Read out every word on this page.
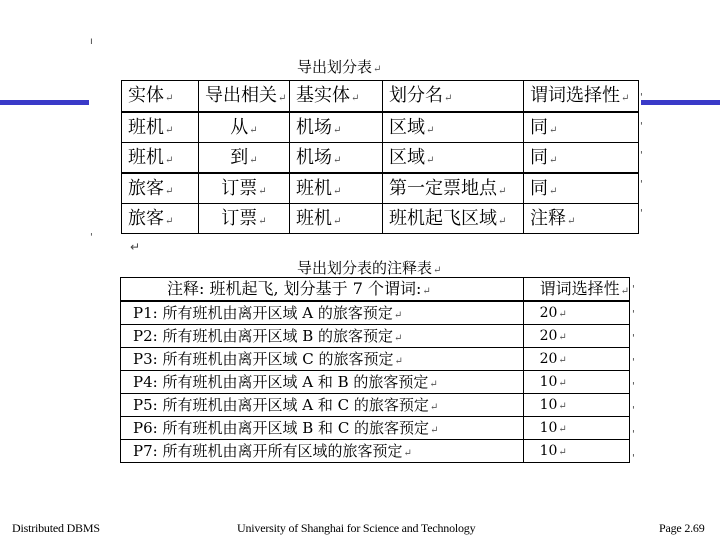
ı
'
↵
导出划分表↵
实体↵	导出相关↵	基实体↵	划分名↵	谓词选择性↵
班机↵	从↵	机场↵	区域↵	同↵
班机↵	到↵	机场↵	区域↵	同↵
旅客↵	订票↵	班机↵	第一定票地点↵	同↵
旅客↵	订票↵	班机↵	班机起飞区域↵	注释↵
'
'
'
'
'
导出划分表的注释表↵
注释: 班机起飞, 划分基于 7 个谓词:↵	谓词选择性↵
P1: 所有班机由离开区域 A 的旅客预定↵	20↵
P2: 所有班机由离开区域 B 的旅客预定↵	20↵
P3: 所有班机由离开区域 C 的旅客预定↵	20↵
P4: 所有班机由离开区域 A 和 B 的旅客预定↵	10↵
P5: 所有班机由离开区域 A 和 C 的旅客预定↵	10↵
P6: 所有班机由离开区域 B 和 C 的旅客预定↵	10↵
P7: 所有班机由离开所有区域的旅客预定↵	10↵
'
'
'
'
'
'
'
'
Distributed DBMS	University of Shanghai for Science and Technology	Page 2.69
